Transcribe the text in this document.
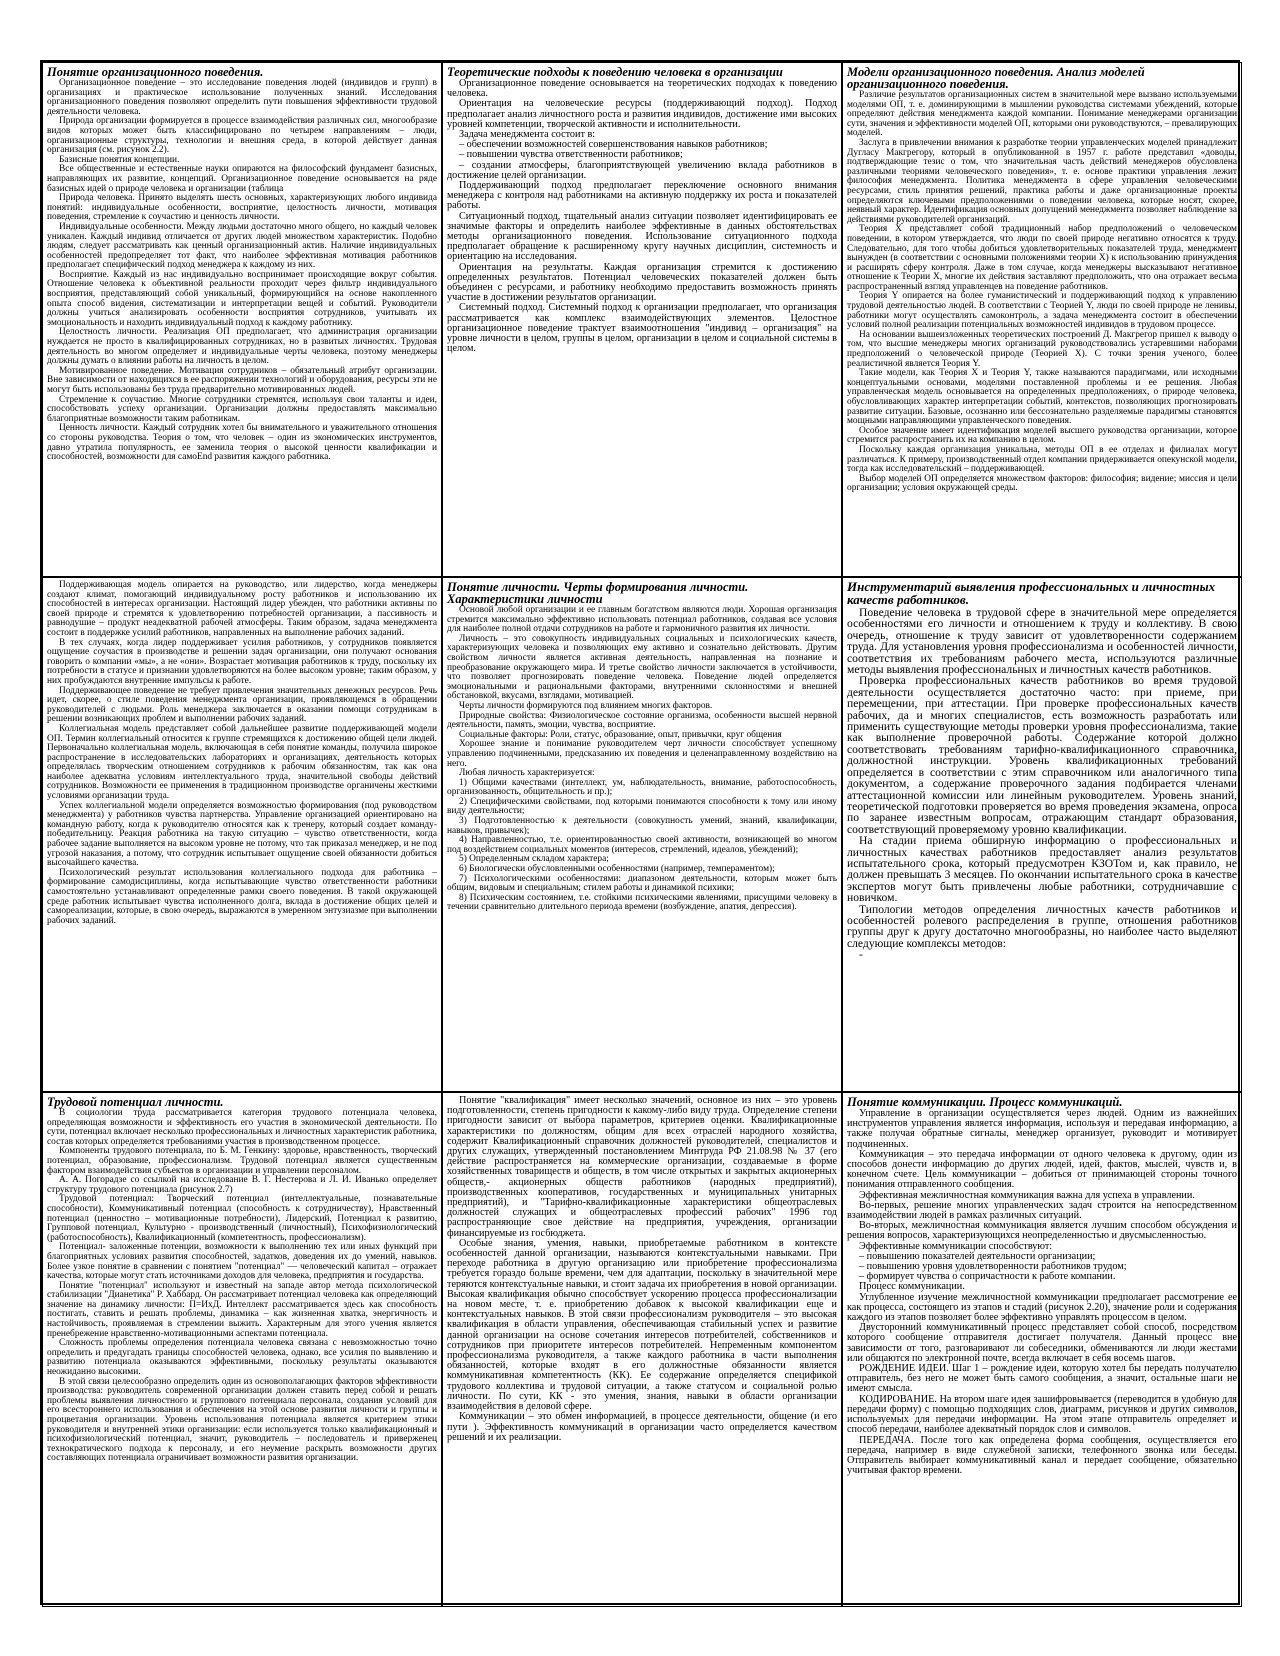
Понятие организационного поведения.

Организационное поведение – это исследование поведения людей (индивидов и групп) в организациях и практическое использование полученных знаний. Исследования организационного поведения позволяют определить пути повышения эффективности трудовой деятельности человека.

Природа организации формируется в процессе взаимодействия различных сил, многообразие видов которых может быть классифицировано по четырем направлениям – люди, организационные структуры, технологии и внешняя среда, в которой действует данная организация (см. рисунок 2.2).

Базисные понятия концепции.

Все общественные и естественные науки опираются на философский фундамент базисных, направляющих их развитие, концепций. Организационное поведение основывается на ряде базисных идей о природе человека и организации (таблица

Природа человека. Принято выделять шесть основных, характеризующих любого индивида понятий: индивидуальные особенности, восприятие, целостность личности, мотивация поведения, стремление к соучастию и ценность личности.

Индивидуальные особенности. Между людьми достаточно много общего, но каждый человек уникален. Каждый индивид отличается от других людей множеством характеристик. Подобно людям, следует рассматривать как ценный организационный актив. Наличие индивидуальных особенностей предопределяет тот факт, что наиболее эффективная мотивация работников предполагает специфический подход менеджера к каждому из них.

Восприятие. Каждый из нас индивидуально воспринимает происходящие вокруг события. Отношение человека к объективной реальности проходит через фильтр индивидуального восприятия, представляющий собой уникальный, формирующийся на основе накопленного опыта способ видения, систематизации и интерпретации вещей и событий. Руководители должны учиться анализировать особенности восприятия сотрудников, учитывать их эмоциональность и находить индивидуальный подход к каждому работнику.

Целостность личности. Реализация ОП предполагает, что администрация организации нуждается не просто в квалифицированных сотрудниках, но в развитых личностях. Трудовая деятельность во многом определяет и индивидуальные черты человека, поэтому менеджеры должны думать о влиянии работы на личность в целом.

Мотивированное поведение. Мотивация сотрудников – обязательный атрибут организации. Вне зависимости от находящихся в ее распоряжении технологий и оборудования, ресурсы эти не могут быть использованы без труда предварительно мотивированных людей.

Стремление к соучастию. Многие сотрудники стремятся, используя свои таланты и идеи, способствовать успеху организации. Организации должны предоставлять максимально благоприятные возможности таким работникам.

Ценность личности. Каждый сотрудник хотел бы внимательного и уважительного отношения со стороны руководства. Теория о том, что человек – один из экономических инструментов, давно утратила популярность, ее заменила теория о высокой ценности квалификации и способностей, возможности для самоEnd развития каждого работника.

Теоретические подходы к поведению человека в организации

Организационное поведение основывается на теоретических подходах к поведению человека.

Ориентация на человеческие ресурсы (поддерживающий подход). Подход предполагает анализ личностного роста и развития индивидов, достижение ими высоких уровней компетенции, творческой активности и исполнительности.

Задача менеджмента состоит в:

– обеспечении возможностей совершенствования навыков работников;

– повышении чувства ответственности работников;

– создании атмосферы, благоприятствующей увеличению вклада работников в достижение целей организации.

Поддерживающий подход предполагает переключение основного внимания менеджера с контроля над работниками на активную поддержку их роста и показателей работы.

Ситуационный подход, тщательный анализ ситуации позволяет идентифицировать ее значимые факторы и определить наиболее эффективные в данных обстоятельствах методы организационного поведения. Использование ситуационного подхода предполагает обращение к расширенному кругу научных дисциплин, системность и ориентацию на исследования.

Ориентация на результаты. Каждая организация стремится к достижению определенных результатов. Потенциал человеческих показателей должен быть объединен с ресурсами, и работнику необходимо предоставить возможность принять участие в достижении результатов организации.

Системный подход. Системный подход к организации предполагает, что организация рассматривается как комплекс взаимодействующих элементов. Целостное организационное поведение трактует взаимоотношения "индивид – организация" на уровне личности в целом, группы в целом, организации в целом и социальной системы в целом.

Модели организационного поведения. Анализ моделей организационного поведения.

Различие результатов организационных систем в значительной мере вызвано используемыми моделями ОП, т. е. доминирующими в мышлении руководства системами убеждений, которые определяют действия менеджмента каждой компании. Понимание менеджерами организации сути, значения и эффективности моделей ОП, которыми они руководствуются, – превалирующих моделей.

Заслуга в привлечении внимания к разработке теории управленческих моделей принадлежит Дугласу Макгрегору, который в опубликованной в 1957 г. работе представил «доводы, подтверждающие тезис о том, что значительная часть действий менеджеров обусловлена различными теориями человеческого поведения», т. е. основе практики управления лежит философия менеджмента. Политика менеджмента в сфере управления человеческими ресурсами, стиль принятия решений, практика работы и даже организационные проекты определяются ключевыми предположениями о поведении человека, которые носят, скорее, неявный характер. Идентификация основных допущений менеджмента позволяет наблюдение за действиями руководителей организаций.

Теория X представляет собой традиционный набор предположений о человеческом поведении, в котором утверждается, что люди по своей природе негативно относятся к труду. Следовательно, для того чтобы добиться удовлетворительных показателей труда, менеджмент вынужден (в соответствии с основными положениями теории X) к использованию принуждения и расширять сферу контроля. Даже в том случае, когда менеджеры высказывают негативное отношение к Теории X, многие их действия заставляют предположить, что она отражает весьма распространенный взгляд управленцев на поведение работников.

Теория Y опирается на более гуманистический и поддерживающий подход к управлению трудовой деятельностью людей. В соответствии с Теорией Y, люди по своей природе не ленивы, работники могут осуществлять самоконтроль, а задача менеджмента состоит в обеспечении условий полной реализации потенциальных возможностей индивидов в трудовом процессе.

На основании вышеизложенных теоретических построений Д. Макгрегор пришел к выводу о том, что высшие менеджеры многих организаций руководствовались устаревшими наборами предположений о человеческой природе (Теорией X). С точки зрения ученого, более реалистичной является Теория Y.

Такие модели, как Теория X и Теория Y, также называются парадигмами, или исходными концептуальными основами, моделями поставленной проблемы и ее решения. Любая управленческая модель основывается на определенных предположениях, о природе человека, обусловливающих характер интерпретации событий, контекстов, позволяющих прогнозировать развитие ситуации. Базовые, осознанно или бессознательно разделяемые парадигмы становятся мощными направляющими управленческого поведения.

Особое значение имеет идентификация моделей высшего руководства организации, которое стремится распространить их на компанию в целом.

Поскольку каждая организация уникальна, методы ОП в ее отделах и филиалах могут различаться. К примеру, производственный отдел компании придерживается опекунской модели, тогда как исследовательский – поддерживающей.

Выбор моделей ОП определяется множеством факторов: философия; видение; миссия и цели организации; условия окружающей среды.

Поддерживающая модель опирается на руководство, или лидерство, когда менеджеры создают климат, помогающий индивидуальному росту работников и использованию их способностей в интересах организации. Настоящий лидер убежден, что работники активны по своей природе и стремятся к удовлетворению потребностей организации, а пассивность и равнодушие – продукт неадекватной рабочей атмосферы. Таким образом, задача менеджмента состоит в поддержке усилий работников, направленных на выполнение рабочих заданий.

В тех случаях, когда лидер поддерживает усилия работников, у сотрудников появляется ощущение соучастия в производстве и решении задач организации, они получают основания говорить о компании «мы», а не «они». Возрастает мотивация работников к труду, поскольку их потребности в статусе и признании удовлетворяются на более высоком уровне; таким образом, у них пробуждаются внутренние импульсы к работе.

Поддерживающее поведение не требует привлечения значительных денежных ресурсов. Речь идет, скорее, о стиле поведения менеджмента организации, проявляющемся в обращении руководителей с людьми. Роль менеджера заключается в оказании помощи сотрудникам в решении возникающих проблем и выполнении рабочих заданий.

Коллегиальная модель представляет собой дальнейшее развитие поддерживающей модели ОП. Термин коллегиальный относится к группе стремящихся к достижению общей цели людей. Первоначально коллегиальная модель, включающая в себя понятие команды, получила широкое распространение в исследовательских лабораториях и организациях, деятельность которых определялась творческим отношением сотрудников к рабочим обязанностям, так как она наиболее адекватна условиям интеллектуального труда, значительной свободы действий сотрудников. Возможности ее применения в традиционном производстве органичены жесткими условиями организации труда.

Успех коллегиальной модели определяется возможностью формирования (под руководством менеджмента) у работников чувства партнерства. Управление организацией ориентировано на командную работу, когда к руководителю относятся как к тренеру, который создает команду-победительницу. Реакция работника на такую ситуацию – чувство ответственности, когда рабочее задание выполняется на высоком уровне не потому, что так приказал менеджер, и не под угрозой наказания, а потому, что сотрудник испытывает ощущение своей обязанности добиться высочайшего качества.

Психологический результат использования коллегиального подхода для работника – формирование самодисциплины, когда испытывающие чувство ответственности работники самостоятельно устанавливают определенные рамки своего поведения. В такой окружающей среде работник испытывает чувства исполненного долга, вклада в достижение общих целей и самореализации, которые, в свою очередь, выражаются в умеренном энтузиазме при выполнении рабочих заданий.

Понятие личности. Черты формирования личности. Характеристики личности

Основой любой организации и ее главным богатством являются люди. Хорошая организация стремится максимально эффективно использовать потенциал работников, создавая все условия для наиболее полной отдачи сотрудников на работе и гармоничного развития их личности.

Личность – это совокупность индивидуальных социальных и психологических качеств, характеризующих человека и позволяющих ему активно и сознательно действовать. Другим свойством личности является активная деятельность, направленная на познание и преобразование окружающего мира. И третье свойство личности заключается в устойчивости, что позволяет прогнозировать поведение человека. Поведение людей определяется эмоциональными и рациональными факторами, внутренними склонностями и внешней обстановкой, вкусами, взглядами, мотивацией.

Черты личности формируются под влиянием многих факторов.

Природные свойства: Физиологическое состояние организма, особенности высшей нервной деятельности, память, эмоции, чувства, восприятие.

Социальные факторы: Роли, статус, образование, опыт, привычки, круг общения

Хорошее знание и понимание руководителем черт личности способствует успешному управлению подчиненными, предсказанию их поведения и целенаправленному воздействию на него.

Любая личность характеризуется:

1) Общими качествами (интеллект, ум, наблюдательность, внимание, работоспособность, организованность, общительность и пр.);

2) Специфическими свойствами, под которыми понимаются способности к тому или иному виду деятельности;

3) Подготовленностью к деятельности (совокупность умений, знаний, квалификации, навыков, привычек);

4) Направленностью, т.е. ориентированностью своей активности, возникающей во многом под воздействием социальных моментов (интересов, стремлений, идеалов, убеждений);

5) Определенным складом характера;

6) Биологически обусловленными особенностями (например, темпераментом);

7) Психологическими особенностями: диапазоном деятельности, которым может быть общим, видовым и специальным; стилем работы и динамикой психики;

8) Психическим состоянием, т.е. стойкими психическими явлениями, присущими человеку в течении сравнительно длительного периода времени (возбуждение, апатия, депрессия).

Инструментарий выявления профессиональных и личностных качеств работников.

Поведение человека в трудовой сфере в значительной мере определяется особенностями его личности и отношением к труду и коллективу. В свою очередь, отношение к труду зависит от удовлетворенности содержанием труда. Для установления уровня профессионализма и особенностей личности, соответствия их требованиям рабочего места, используются различные методы выявления профессиональных и личностных качеств работников.

Проверка профессиональных качеств работников во время трудовой деятельности осуществляется достаточно часто: при приеме, при перемещении, при аттестации. При проверке профессиональных качеств рабочих, да и многих специалистов, есть возможность разработать или применить существующие методы проверки уровня профессионализма, такие как выполнение проверочной работы. Содержание которой должно соответствовать требованиям тарифно-квалификационного справочника, должностной инструкции. Уровень квалификационных требований определяется в соответствии с этим справочником или аналогичного типа документом, а содержание проверочного задания подбирается членами аттестационной комиссии или линейным руководителем. Уровень знаний, теоретической подготовки проверяется во время проведения экзамена, опроса по заранее известным вопросам, отражающим стандарт образования, соответствующий проверяемому уровню квалификации.

На стадии приема обширную информацию о профессиональных и личностных качествах работников предоставляет анализ результатов испытательного срока, который предусмотрен КЗОТом и, как правило, не должен превышать 3 месяцев. По окончании испытательного срока в качестве экспертов могут быть привлечены любые работники, сотрудничавшие с новичком.

Типологии методов определения личностных качеств работников и особенностей ролевого распределения в группе, отношения работников группы друг к другу достаточно многообразны, но наиболее часто выделяют следующие комплексы методов:

-

Трудовой потенциал личности.

В социологии труда рассматривается категория трудового потенциала человека, определяющая возможности и эффективность его участия в экономической деятельности. По сути, потенциал включает несколько профессиональных и личностных характеристик работника, состав которых определяется требованиями участия в производственном процессе.

Компоненты трудового потенциала, по Б. М. Генкину: здоровье, нравственность, творческий потенциал, образование, профессионализм. Трудовой потенциал является существенным фактором взаимодействия субъектов в организации и управлении персоналом.

А. А. Погорадзе со ссылкой на исследование В. Г. Нестерова и Л. И. Иванько определяет структуру трудового потенциала (рисунок 2.7)

Трудовой потенциал: Творческий потенциал (интеллектуальные, познавательные способности), Коммуникативный потенциал (способность к сотрудничеству), Нравственный потенциал (ценностно – мотивационные потребности), Лидерский, Потенциал к развитию, Групповой потенциал, Культурно - производственный (личностный), Психофизиологический (работоспособность), Квалификационный (компетентность, профессионализм).

Потенциал- заложенные потенции, возможности к выполнению тех или иных функций при благоприятных условиях развития способностей, задатков, доведения их до умений, навыков. Более узкое понятие в сравнении с понятием "потенциал" — человеческий капитал – отражает качества, которые могут стать источниками доходов для человека, предприятия и государства.

Понятие "потенциал" используют и известный на западе автор метода психологической стабилизации "Дианетика" Р. Хаббард. Он рассматривает потенциал человека как определяющий значение на динамику личности: П=ИхД. Интеллект рассматривается здесь как способность постигать, ставить и решать проблемы, динамика – как жизненная хватка, энергичность и настойчивость, проявляемая в стремлении выжить. Характерным для этого учения является пренебрежение нравственно-мотивационными аспектами потенциала.

Сложность проблемы определения потенциала человека связана с невозможностью точно определить и предугадать границы способностей человека, однако, все усилия по выявлению и развитию потенциала оказываются эффективными, поскольку результаты оказываются неожиданно высокими.

В этой связи целесообразно определить один из основополагающих факторов эффективности производства: руководитель современной организации должен ставить перед собой и решать проблемы выявления личностного и группового потенциала персонала, создания условий для его всестороннего использования и обеспечения на этой основе развития личности и группы и процветания организации. Уровень использования потенциала является критерием этики руководителя и внутренней этики организации: если используется только квалификационный и психофизиологический потенциал, значит, руководитель – последователь и приверженец технократического подхода к персоналу, и его неумение раскрыть возможности других составляющих потенциала ограничивает возможности развития организации.

Понятие "квалификация" имеет несколько значений, основное из них – это уровень подготовленности, степень пригодности к какому-либо виду труда. Определение степени пригодности зависит от выбора параметров, критериев оценки. Квалификационные характеристики по должностям, общим для всех отраслей народного хозяйства, содержит Квалификационный справочник должностей руководителей, специалистов и других служащих, утвержденный постановлением Минтруда РФ 21.08.98 № 37 (его действие распространяется на коммерческие организации, создаваемые в форме хозяйственных товариществ и обществ, в том числе открытых и закрытых акционерных обществ,- акционерных обществ работников (народных предприятий), производственных кооперативов, государственных и муниципальных унитарных предприятий), и "Тарифно-квалификационные характеристики общеотраслевых должностей служащих и общеотраслевых профессий рабочих" 1996 год распространяющие свое действие на предприятия, учреждения, организации финансируемые из госбюджета.

Особые знания, умения, навыки, приобретаемые работником в контексте особенностей данной организации, называются контекстуальными навыками. При переходе работника в другую организацию или приобретение профессионализма требуется гораздо больше времени, чем для адаптации, поскольку в значительной мере теряются контекстуальные навыки, и стоит задача их приобретения в новой организации. Высокая квалификация обычно способствует ускорению процесса профессионализации на новом месте, т. е. приобретению добавок к высокой квалификации еще и контекстуальных навыков. В этой связи профессионализм руководителя – это высокая квалификация в области управления, обеспечивающая стабильный успех и развитие данной организации на основе сочетания интересов потребителей, собственников и сотрудников при приоритете интересов потребителей. Непременным компонентом профессионализма руководителя, а также каждого работника в части выполнения обязанностей, которые входят в его должностные обязанности является коммуникативная компетентность (КК). Ее содержание определяется спецификой трудового коллектива и трудовой ситуации, а также статусом и социальной ролью личности. По сути, КК - это умения, знания, навыки в области организации взаимодействия в деловой сфере.

Коммуникации – это обмен информацией, в процессе деятельности, общение (и его пути ). Эффективность коммуникаций в организации часто определяется качеством решений и их реализации.

Понятие коммуникации. Процесс коммуникаций.

Управление в организации осуществляется через людей. Одним из важнейших инструментов управления является информация, используя и передавая информацию, а также получая обратные сигналы, менеджер организует, руководит и мотивирует подчиненных.

Коммуникация – это передача информации от одного человека к другому, один из способов донести информацию до других людей, идей, фактов, мыслей, чувств и, в конечном счете. Цель коммуникации – добиться от принимающей стороны точного понимания отправленного сообщения.

Эффективная межличностная коммуникация важна для успеха в управлении.

Во-первых, решение многих управленческих задач строится на непосредственном взаимодействии людей в рамках различных ситуаций.

Во-вторых, межличностная коммуникация является лучшим способом обсуждения и решения вопросов, характеризующихся неопределенностью и двусмысленностью.

Эффективные коммуникации способствуют:

– повышению показателей деятельности организации;

– повышению уровня удовлетворенности работников трудом;

– формирует чувства о сопричастности к работе компании.

Процесс коммуникации.

Углубленное изучение межличностной коммуникации предполагает рассмотрение ее как процесса, состоящего из этапов и стадий (рисунок 2.20), значение роли и содержания каждого из этапов позволяет более эффективно управлять процессом в целом.

Двусторонний коммуникативный процесс представляет собой способ, посредством которого сообщение отправителя достигает получателя. Данный процесс вне зависимости от того, разговаривают ли собеседники, обмениваются ли люди жестами или общаются по электронной почте, всегда включает в себя восемь шагов.

РОЖДЕНИЕ ИДЕИ. Шаг 1 – рождение идеи, которую хотел бы передать получателю отправитель, без него не может быть самого сообщения, а значит, остальные шаги не имеют смысла.

КОДИРОВАНИЕ. На втором шаге идея зашифровывается (переводится в удобную для передачи форму) с помощью подходящих слов, диаграмм, рисунков и других символов, используемых для передачи информации. На этом этапе отправитель определяет и способ передачи, наиболее адекватный порядок слов и символов.

ПЕРЕДАЧА. После того как определена форма сообщения, осуществляется его передача, например в виде служебной записки, телефонного звонка или беседы. Отправитель выбирает коммуникативный канал и передает сообщение, обязательно учитывая фактор времени.
